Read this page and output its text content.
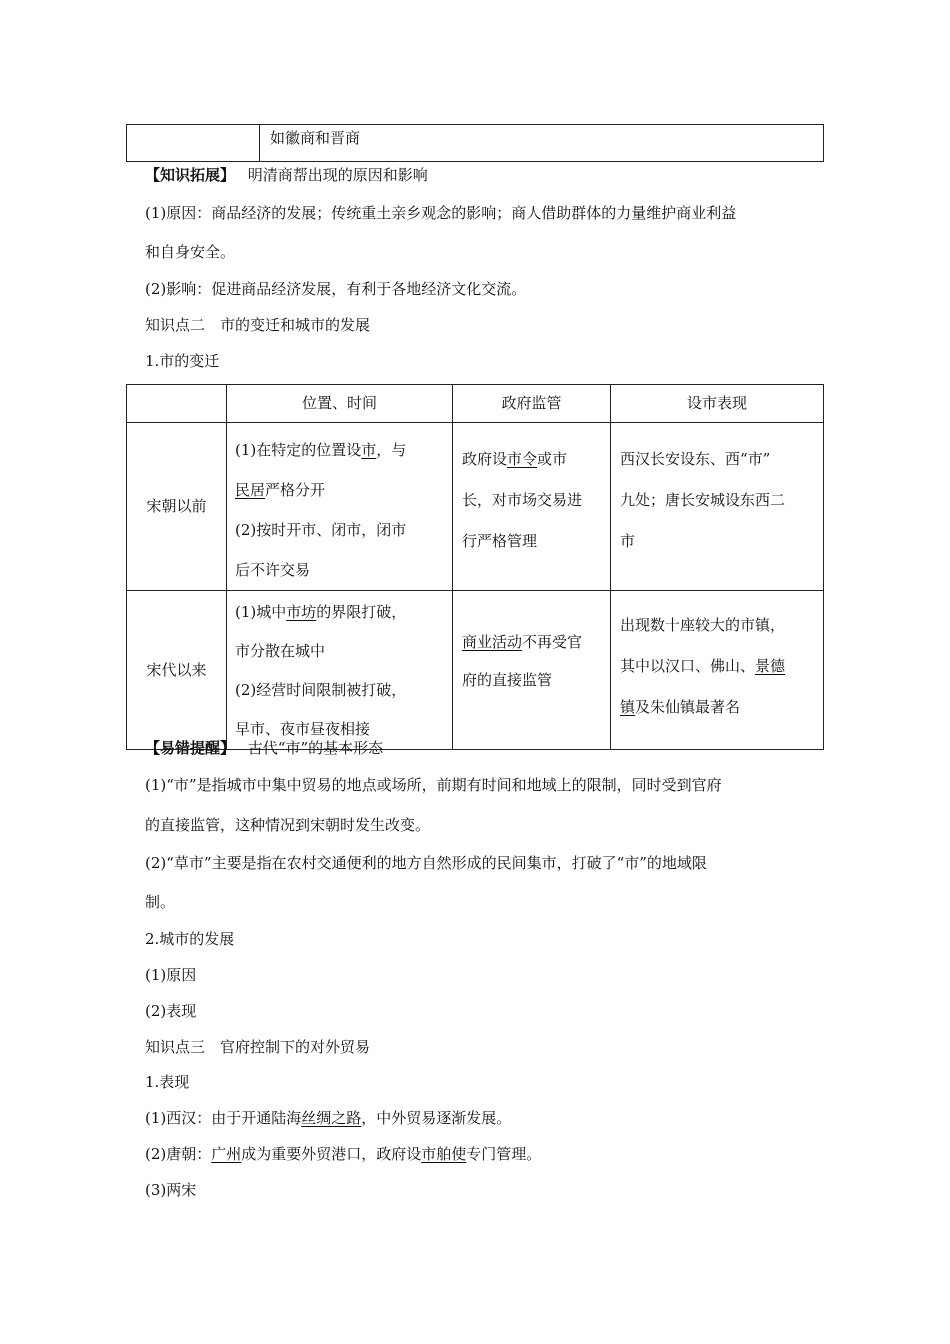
	如徽商和晋商
【知识拓展】 明清商帮出现的原因和影响
(1)原因：商品经济的发展；传统重土亲乡观念的影响；商人借助群体的力量维护商业利益
和自身安全。
(2)影响：促进商品经济发展，有利于各地经济文化交流。
知识点二　市的变迁和城市的发展
1.市的变迁
	位置、时间	政府监管	设市表现
宋朝以前	(1)在特定的位置设市，与
民居严格分开
(2)按时开市、闭市，闭市
后不许交易	政府设市令或市
长，对市场交易进
行严格管理	西汉长安设东、西“市”
九处；唐长安城设东西二
市

宋代以来	(1)城中市坊的界限打破，
市分散在城中
(2)经营时间限制被打破，
早市、夜市昼夜相接	商业活动不再受官
府的直接监管	出现数十座较大的市镇，
其中以汉口、佛山、景德
镇及朱仙镇最著名
【易错提醒】 古代“市”的基本形态
(1)“市”是指城市中集中贸易的地点或场所，前期有时间和地域上的限制，同时受到官府
的直接监管，这种情况到宋朝时发生改变。
(2)“草市”主要是指在农村交通便利的地方自然形成的民间集市，打破了“市”的地域限
制。
2.城市的发展
(1)原因
(2)表现
知识点三　官府控制下的对外贸易
1.表现
(1)西汉：由于开通陆海丝绸之路，中外贸易逐渐发展。
(2)唐朝：广州成为重要外贸港口，政府设市舶使专门管理。
(3)两宋
